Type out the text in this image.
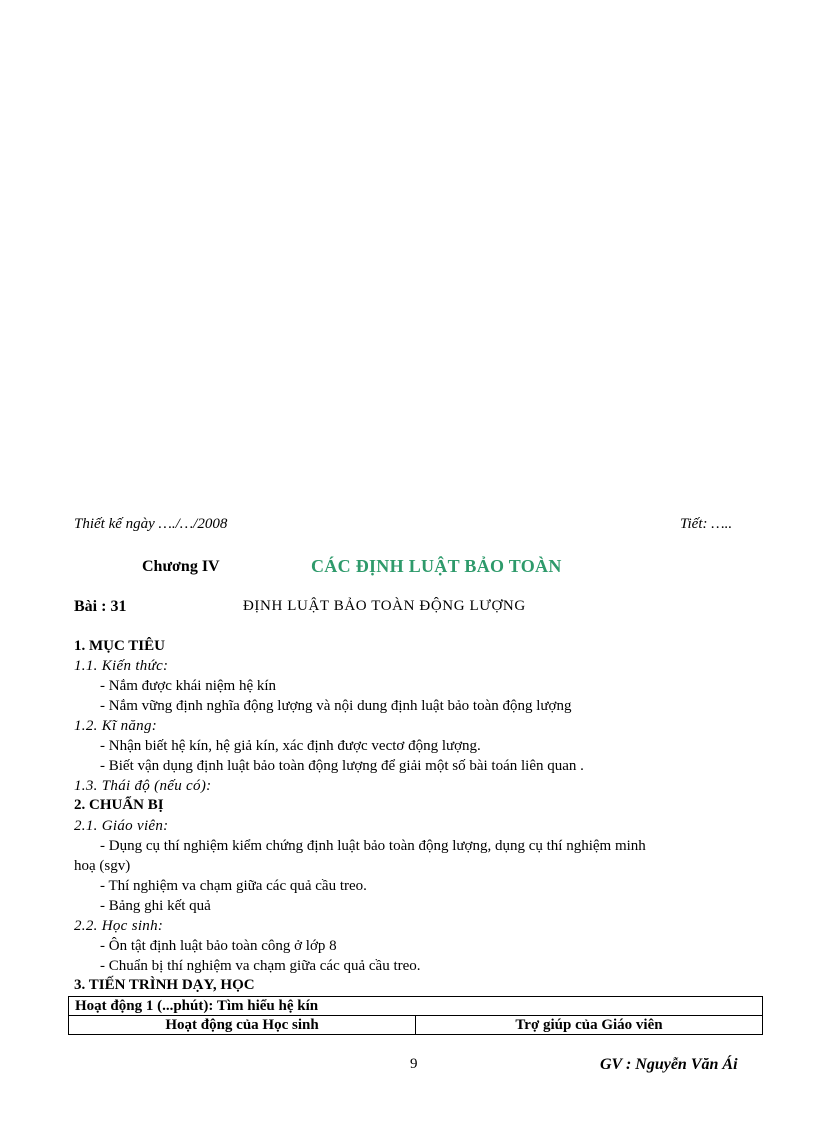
Thiết kế ngày …./…/2008	Tiết: …..
Chương IV	CÁC ĐỊNH LUẬT BẢO TOÀN
Bài : 31	ĐỊNH LUẬT BẢO TOÀN ĐỘNG LƯỢNG
1. MỤC TIÊU
1.1. Kiến thức:
- Nắm được khái niệm hệ kín
- Nắm vững định nghĩa động lượng và nội dung định luật bảo toàn động lượng
1.2. Kĩ năng:
- Nhận biết hệ kín, hệ giả kín, xác định được vectơ động lượng.
- Biết vận dụng định luật bảo toàn động lượng để giải một số bài toán liên quan .
1.3. Thái độ (nếu có):
2. CHUẨN BỊ
2.1. Giáo viên:
- Dụng cụ thí nghiệm kiểm chứng định luật bảo toàn động lượng, dụng cụ thí nghiệm minh
hoạ (sgv)
- Thí nghiệm va chạm giữa các quả cầu treo.
- Bảng ghi kết quả
2.2. Học sinh:
- Ôn tật định luật bảo toàn công ở lớp 8
- Chuẩn bị thí nghiệm va chạm giữa các quả cầu treo.
3. TIẾN TRÌNH DẠY, HỌC
Hoạt động 1 (...phút): Tìm hiểu hệ kín
Hoạt động của Học sinh	Trợ giúp của Giáo viên
9	GV : Nguyễn Văn Ái
